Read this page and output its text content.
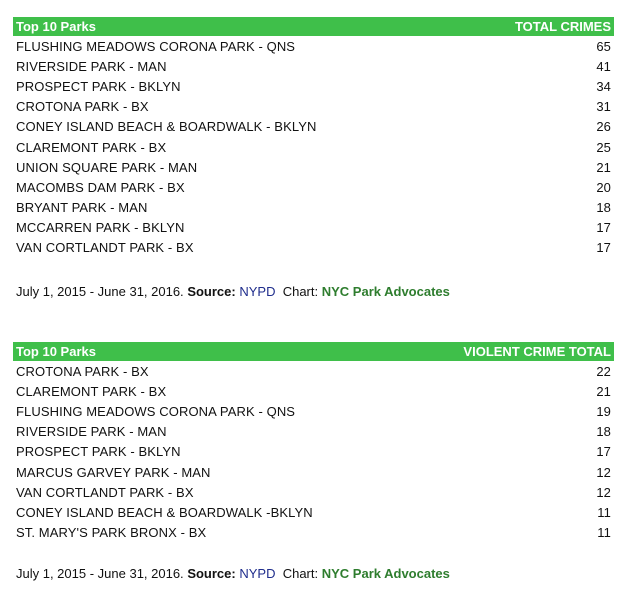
Top 10 Parks	TOTAL CRIMES
FLUSHING MEADOWS CORONA PARK - QNS	65
RIVERSIDE PARK - MAN	41
PROSPECT PARK - BKLYN	34
CROTONA PARK - BX	31
CONEY ISLAND BEACH & BOARDWALK - BKLYN	26
CLAREMONT PARK - BX	25
UNION SQUARE PARK - MAN	21
MACOMBS DAM PARK - BX	20
BRYANT PARK - MAN	18
MCCARREN PARK - BKLYN	17
VAN CORTLANDT PARK - BX	17
July 1, 2015 - June 31, 2016. Source: NYPD Chart: NYC Park Advocates
Top 10 Parks	VIOLENT CRIME TOTAL
CROTONA PARK - BX	22
CLAREMONT PARK - BX	21
FLUSHING MEADOWS CORONA PARK - QNS	19
RIVERSIDE PARK - MAN	18
PROSPECT PARK - BKLYN	17
MARCUS GARVEY PARK - MAN	12
VAN CORTLANDT PARK - BX	12
CONEY ISLAND BEACH & BOARDWALK -BKLYN	11
ST. MARY'S PARK BRONX - BX	11
July 1, 2015 - June 31, 2016. Source: NYPD Chart: NYC Park Advocates
